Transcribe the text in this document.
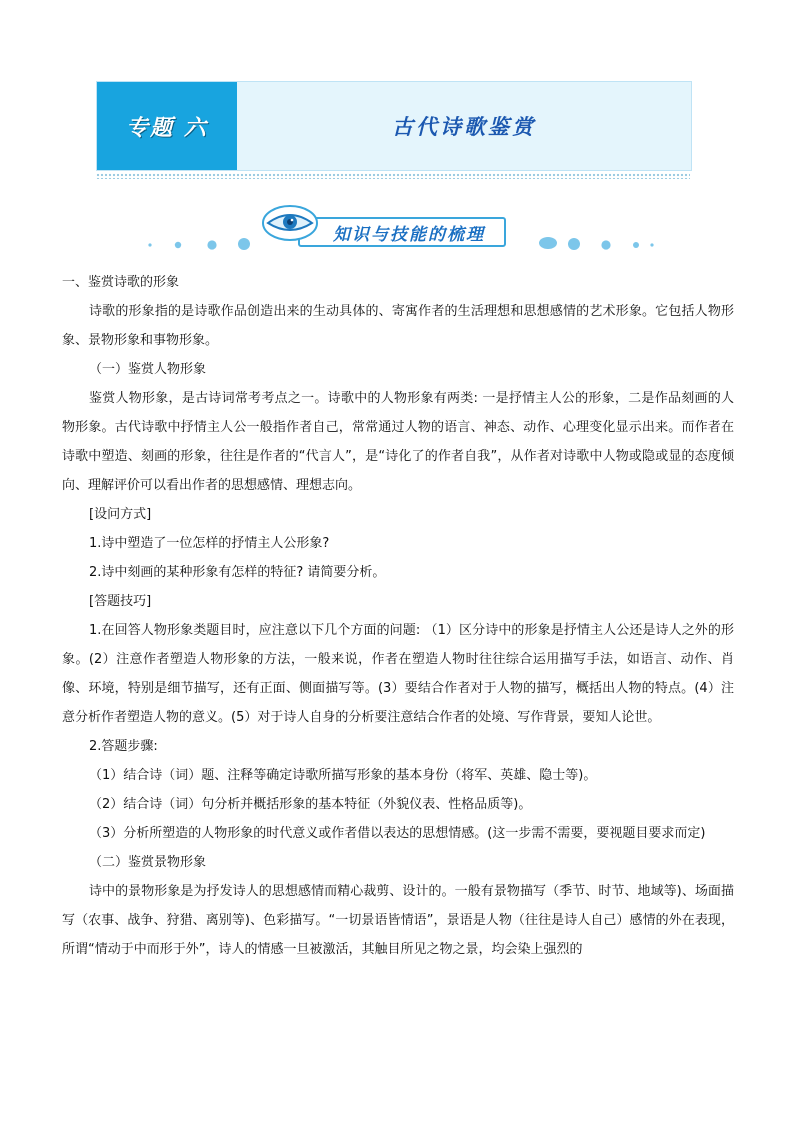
专题 六	古代诗歌鉴赏
知识与技能的梳理

一、鉴赏诗歌的形象

诗歌的形象指的是诗歌作品创造出来的生动具体的、寄寓作者的生活理想和思想感情的艺术形象。它包括人物形象、景物形象和事物形象。

（一）鉴赏人物形象

鉴赏人物形象，是古诗词常考考点之一。诗歌中的人物形象有两类: 一是抒情主人公的形象，二是作品刻画的人物形象。古代诗歌中抒情主人公一般指作者自己，常常通过人物的语言、神态、动作、心理变化显示出来。而作者在诗歌中塑造、刻画的形象，往往是作者的“代言人”，是“诗化了的作者自我”，从作者对诗歌中人物或隐或显的态度倾向、理解评价可以看出作者的思想感情、理想志向。

[设问方式]

1.诗中塑造了一位怎样的抒情主人公形象?

2.诗中刻画的某种形象有怎样的特征? 请简要分析。

[答题技巧]

1.在回答人物形象类题目时，应注意以下几个方面的问题: （1）区分诗中的形象是抒情主人公还是诗人之外的形象。(2）注意作者塑造人物形象的方法，一般来说，作者在塑造人物时往往综合运用描写手法，如语言、动作、肖像、环境，特别是细节描写，还有正面、侧面描写等。(3）要结合作者对于人物的描写，概括出人物的特点。(4）注意分析作者塑造人物的意义。(5）对于诗人自身的分析要注意结合作者的处境、写作背景，要知人论世。

2.答题步骤:

（1）结合诗（词）题、注释等确定诗歌所描写形象的基本身份（将军、英雄、隐士等)。

（2）结合诗（词）句分析并概括形象的基本特征（外貌仪表、性格品质等)。

（3）分析所塑造的人物形象的时代意义或作者借以表达的思想情感。(这一步需不需要，要视题目要求而定)

（二）鉴赏景物形象

诗中的景物形象是为抒发诗人的思想感情而精心裁剪、设计的。一般有景物描写（季节、时节、地域等)、场面描写（农事、战争、狩猎、离别等)、色彩描写。“一切景语皆情语”，景语是人物（往往是诗人自己）感情的外在表现，所谓“情动于中而形于外”，诗人的情感一旦被激活，其触目所见之物之景，均会染上强烈的
